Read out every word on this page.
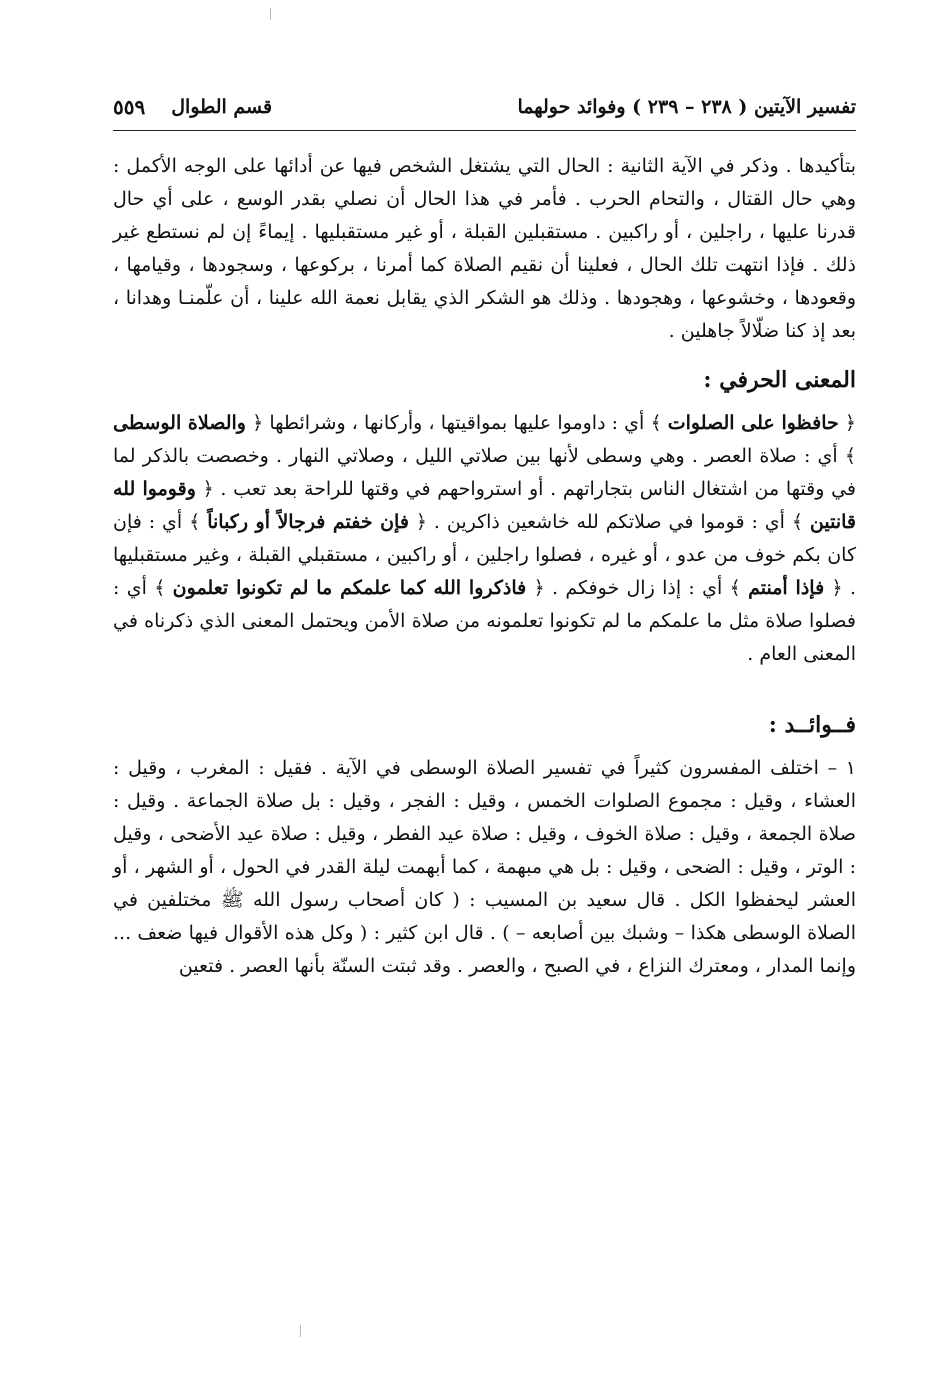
قسم الطوال
٥٥٩	تفسير الآيتين ( ٢٣٨ – ٢٣٩ ) وفوائد حولهما

بتأكيدها . وذكر في الآية الثانية : الحال التي يشتغل الشخص فيها عن أدائها على الوجه الأكمل : وهي حال القتال ، والتحام الحرب . فأمر في هذا الحال أن نصلي بقدر الوسع ، على أي حال قدرنا عليها ، راجلين ، أو راكبين . مستقبلين القبلة ، أو غير مستقبليها . إيماءً إن لم نستطع غير ذلك . فإذا انتهت تلك الحال ، فعلينا أن نقيم الصلاة كما أمرنا ، بركوعها ، وسجودها ، وقيامها ، وقعودها ، وخشوعها ، وهجودها . وذلك هو الشكر الذي يقابل نعمة الله علينا ، أن علّمنـا وهدانا ، بعد إذ كنا ضلّالاً جاهلين .

المعنى الحرفي :

﴿ حافظوا على الصلوات ﴾ أي : داوموا عليها بمواقيتها ، وأركانها ، وشرائطها ﴿ والصلاة الوسطى ﴾ أي : صلاة العصر . وهي وسطى لأنها بين صلاتي الليل ، وصلاتي النهار . وخصصت بالذكر لما في وقتها من اشتغال الناس بتجاراتهم . أو استرواحهم في وقتها للراحة بعد تعب . ﴿ وقوموا لله قانتين ﴾ أي : قوموا في صلاتكم لله خاشعين ذاكرين . ﴿ فإن خفتم فرجالاً أو ركباناً ﴾ أي : فإن كان بكم خوف من عدو ، أو غيره ، فصلوا راجلين ، أو راكبين ، مستقبلي القبلة ، وغير مستقبليها . ﴿ فإذا أمنتم ﴾ أي : إذا زال خوفكم . ﴿ فاذكروا الله كما علمكم ما لم تكونوا تعلمون ﴾ أي : فصلوا صلاة مثل ما علمكم ما لم تكونوا تعلمونه من صلاة الأمن ويحتمل المعنى الذي ذكرناه في المعنى العام .

فــوائــد :

١ – اختلف المفسرون كثيراً في تفسير الصلاة الوسطى في الآية . فقيل : المغرب ، وقيل : العشاء ، وقيل : مجموع الصلوات الخمس ، وقيل : الفجر ، وقيل : بل صلاة الجماعة . وقيل : صلاة الجمعة ، وقيل : صلاة الخوف ، وقيل : صلاة عيد الفطر ، وقيل : صلاة عيد الأضحى ، وقيل : الوتر ، وقيل : الضحى ، وقيل : بل هي مبهمة ، كما أبهمت ليلة القدر في الحول ، أو الشهر ، أو العشر ليحفظوا الكل . قال سعيد بن المسيب : ( كان أصحاب رسول الله ﷺ مختلفين في الصلاة الوسطى هكذا – وشبك بين أصابعه – ) . قال ابن كثير : ( وكل هذه الأقوال فيها ضعف ... وإنما المدار ، ومعترك النزاع ، في الصبح ، والعصر . وقد ثبتت السنّة بأنها العصر . فتعين
